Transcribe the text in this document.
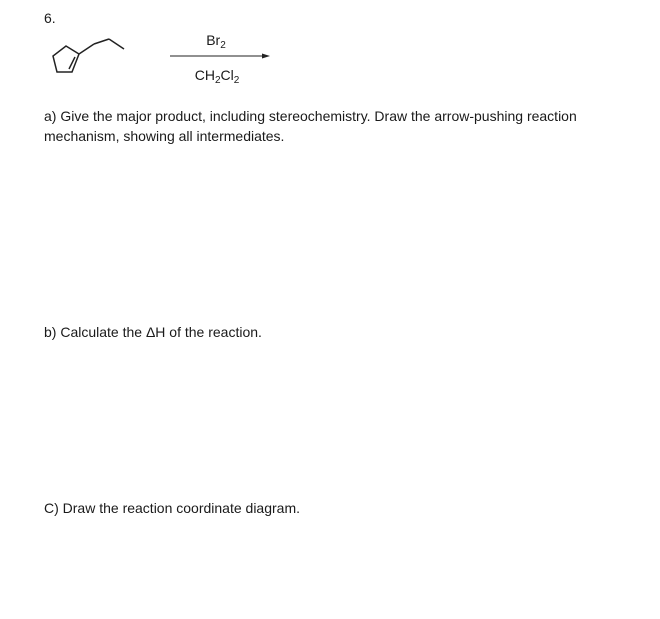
6.
$Br_2$
$CH_2Cl_2$
a) Give the major product, including stereochemistry. Draw the arrow-pushing reaction mechanism, showing all intermediates.
b) Calculate the ΔH of the reaction.
C) Draw the reaction coordinate diagram.
